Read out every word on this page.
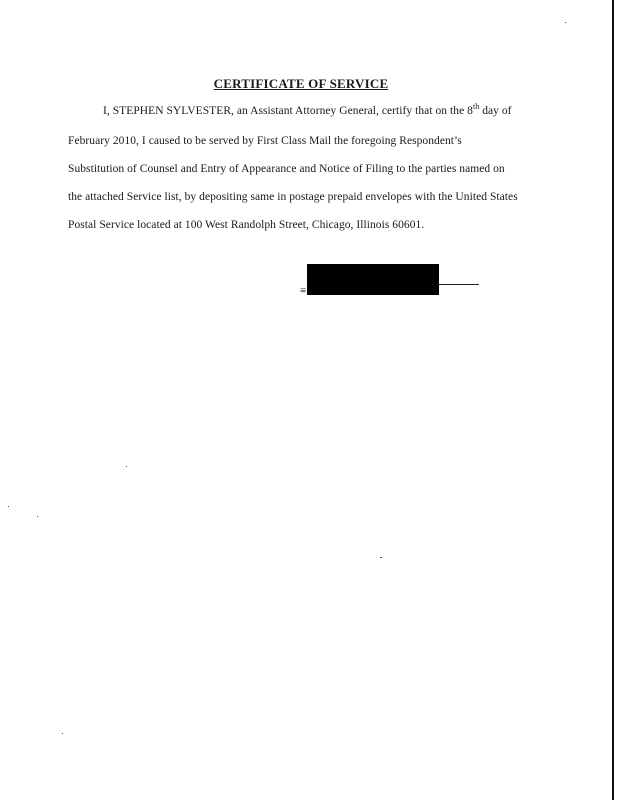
CERTIFICATE OF SERVICE
I, STEPHEN SYLVESTER, an Assistant Attorney General, certify that on the 8th day of
February 2010, I caused to be served by First Class Mail the foregoing Respondent’s
Substitution of Counsel and Entry of Appearance and Notice of Filing to the parties named on
the attached Service list, by depositing same in postage prepaid envelopes with the United States
Postal Service located at 100 West Randolph Street, Chicago, Illinois 60601.
≡
